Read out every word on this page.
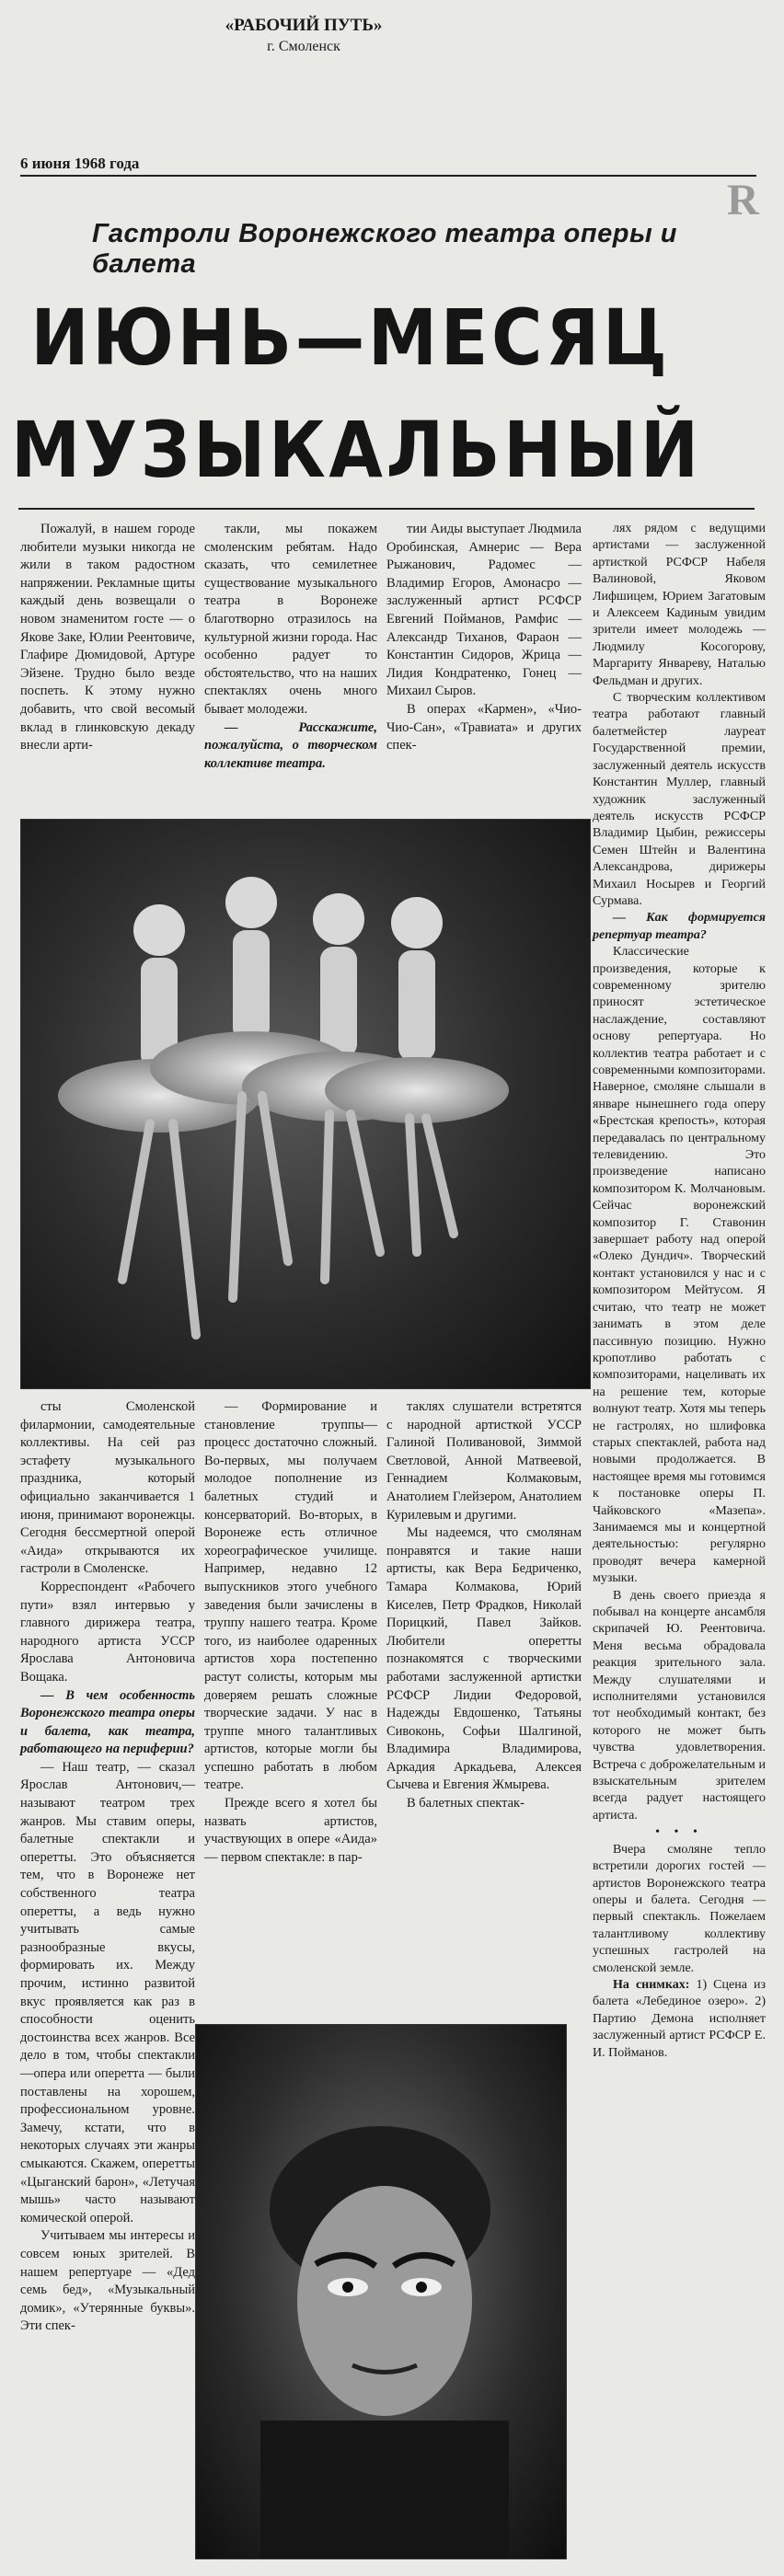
«РАБОЧИЙ ПУТЬ»
г. Смоленск
6 июня 1968 года
R
Гастроли Воронежского театра оперы и балета
ИЮНЬ—МЕСЯЦ
МУЗЫКАЛЬНЫЙ

Пожалуй, в нашем городе любители музыки никогда не жили в таком радостном напряжении. Рекламные щиты каждый день возвещали о новом знаменитом госте — о Якове Заке, Юлии Реентовиче, Глафире Дюмидовой, Артуре Эйзене. Трудно было везде поспеть. К этому нужно добавить, что свой весомый вклад в глинковскую декаду внесли арти-

такли, мы покажем смоленским ребятам. Надо сказать, что семилетнее существование музыкального театра в Воронеже благотворно отразилось на культурной жизни города. Нас особенно радует то обстоятельство, что на наших спектаклях очень много бывает молодежи.

— Расскажите, пожалуйста, о творческом коллективе театра.

тии Аиды выступает Людмила Оробинская, Амнерис — Вера Рыжанович, Радомес — Владимир Егоров, Амонасро — заслуженный артист РСФСР Евгений Пойманов, Рамфис — Александр Тиханов, Фараон — Константин Сидоров, Жрица — Лидия Кондратенко, Гонец — Михаил Сыров.

В операх «Кармен», «Чио-Чио-Сан», «Травиата» и других спек-

лях рядом с ведущими артистами — заслуженной артисткой РСФСР Набеля Валиновой, Яковом Лифшицем, Юрием Загатовым и Алексеем Кадиным увидим зрители имеет молодежь — Людмилу Косогорову, Маргариту Январеву, Наталью Фельдман и других.

С творческим коллективом театра работают главный балетмейстер лауреат Государственной премии, заслуженный деятель искусств Константин Муллер, главный художник заслуженный деятель искусств РСФСР Владимир Цыбин, режиссеры Семен Штейн и Валентина Александрова, дирижеры Михаил Носырев и Георгий Сурмава.

— Как формируется репертуар театра?

Классические произведения, которые к современному зрителю приносят эстетическое наслаждение, составляют основу репертуара. Но коллектив театра работает и с современными композиторами. Наверное, смоляне слышали в январе нынешнего года оперу «Брестская крепость», которая передавалась по центральному телевидению. Это произведение написано композитором К. Молчановым. Сейчас воронежский композитор Г. Ставонин завершает работу над оперой «Олеко Дундич». Творческий контакт установился у нас и с композитором Мейтусом. Я считаю, что театр не может занимать в этом деле пассивную позицию. Нужно кропотливо работать с композиторами, нацеливать их на решение тем, которые волнуют театр. Хотя мы теперь не гастролях, но шлифовка старых спектаклей, работа над новыми продолжается. В настоящее время мы готовимся к постановке оперы П. Чайковского «Мазепа». Занимаемся мы и концертной деятельностью: регулярно проводят вечера камерной музыки.

В день своего приезда я побывал на концерте ансамбля скрипачей Ю. Реентовича. Меня весьма обрадовала реакция зрительного зала. Между слушателями и исполнителями установился тот необходимый контакт, без которого не может быть чувства удовлетворения. Встреча с доброжелательным и взыскательным зрителем всегда радует настоящего артиста.

• • •

Вчера смоляне тепло встретили дорогих гостей — артистов Воронежского театра оперы и балета. Сегодня — первый спектакль. Пожелаем талантливому коллективу успешных гастролей на смоленской земле.

На снимках: 1) Сцена из балета «Лебединое озеро». 2) Партию Демона исполняет заслуженный артист РСФСР Е. И. Пойманов.

сты Смоленской филармонии, самодеятельные коллективы. На сей раз эстафету музыкального праздника, который официально заканчивается 1 июня, принимают воронежцы. Сегодня бессмертной оперой «Аида» открываются их гастроли в Смоленске.

Корреспондент «Рабочего пути» взял интервью у главного дирижера театра, народного артиста УССР Ярослава Антоновича Вощака.

— В чем особенность Воронежского театра оперы и балета, как театра, работающего на периферии?

— Наш театр, — сказал Ярослав Антонович,—называют театром трех жанров. Мы ставим оперы, балетные спектакли и оперетты. Это объясняется тем, что в Воронеже нет собственного театра оперетты, а ведь нужно учитывать самые разнообразные вкусы, формировать их. Между прочим, истинно развитой вкус проявляется как раз в способности оценить достоинства всех жанров. Все дело в том, чтобы спектакли —опера или оперетта — были поставлены на хорошем, профессиональном уровне. Замечу, кстати, что в некоторых случаях эти жанры смыкаются. Скажем, оперетты «Цыганский барон», «Летучая мышь» часто называют комической оперой.

Учитываем мы интересы и совсем юных зрителей. В нашем репертуаре — «Дед семь бед», «Музыкальный домик», «Утерянные буквы». Эти спек-

— Формирование и становление труппы— процесс достаточно сложный. Во-первых, мы получаем молодое пополнение из балетных студий и консерваторий. Во-вторых, в Воронеже есть отличное хореографическое училище. Например, недавно 12 выпускников этого учебного заведения были зачислены в труппу нашего театра. Кроме того, из наиболее одаренных артистов хора постепенно растут солисты, которым мы доверяем решать сложные творческие задачи. У нас в труппе много талантливых артистов, которые могли бы успешно работать в любом театре.

Прежде всего я хотел бы назвать артистов, участвующих в опере «Аида» — первом спектакле: в пар-

таклях слушатели встретятся с народной артисткой УССР Галиной Поливановой, Зиммой Светловой, Анной Матвеевой, Геннадием Колмаковым, Анатолием Глейзером, Анатолием Курилевым и другими.

Мы надеемся, что смолянам понравятся и такие наши артисты, как Вера Бедриченко, Тамара Колмакова, Юрий Киселев, Петр Фрадков, Николай Порицкий, Павел Зайков. Любители оперетты познакомятся с творческими работами заслуженной артистки РСФСР Лидии Федоровой, Надежды Евдошенко, Татьяны Сивоконь, Софьи Шалгиной, Владимира Владимирова, Аркадия Аркадьева, Алексея Сычева и Евгения Жмырева.

В балетных спектак-
